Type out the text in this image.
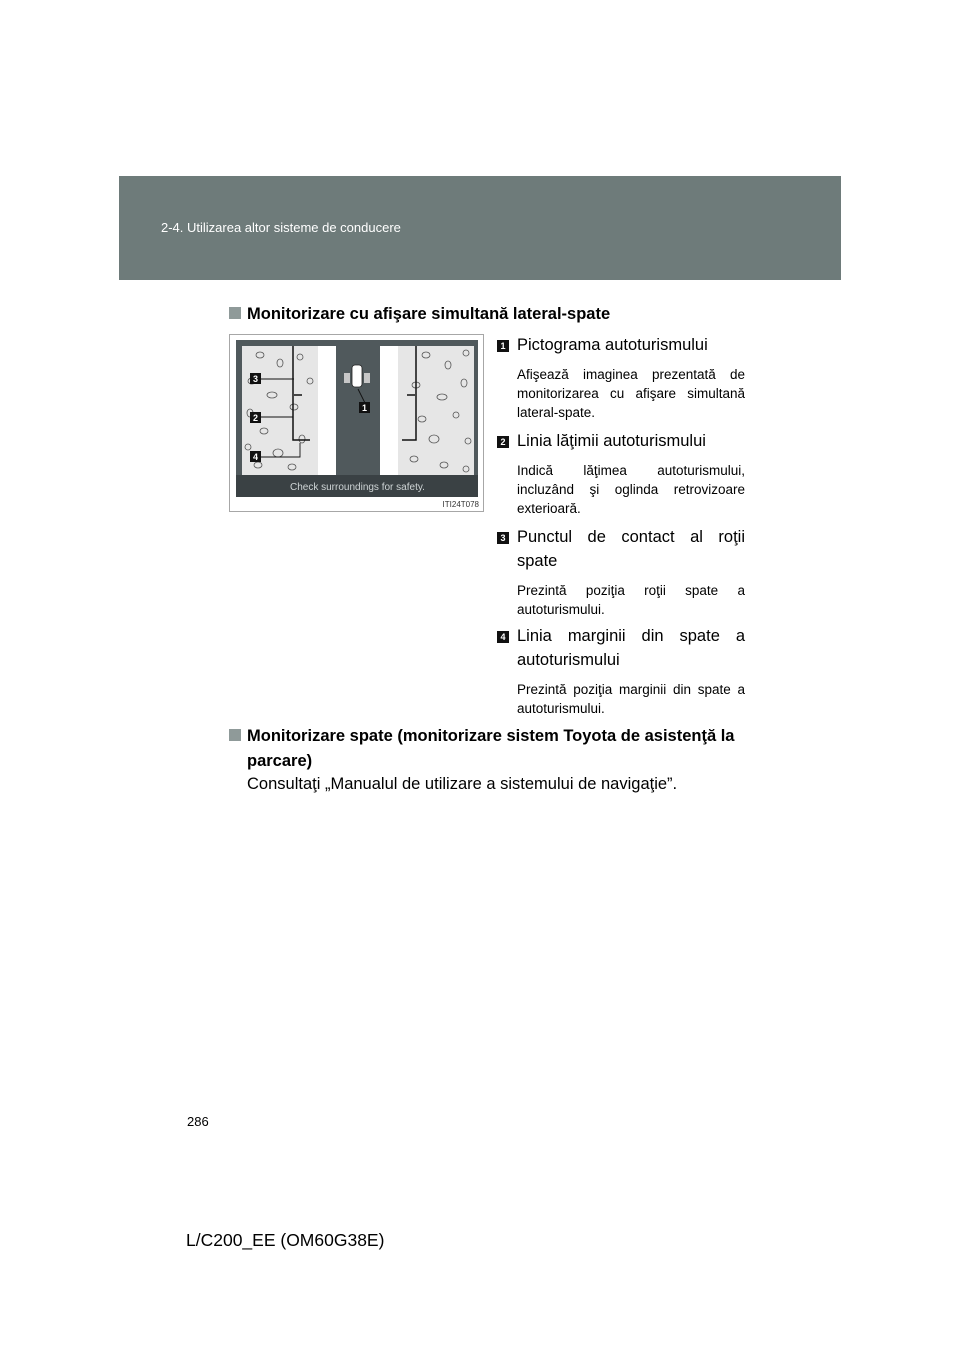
2-4. Utilizarea altor sisteme de conducere
Monitorizare cu afişare simultană lateral-spate
Check surroundings for safety.
3
2
4
1
ITI24T078
1 Pictograma autoturismului
Afişează imaginea prezentată de monitorizarea cu afişare simultană lateral-spate.
2 Linia lăţimii autoturismului
Indică lăţimea autoturismului, incluzând şi oglinda retrovizoare exterioară.
3 Punctul de contact al roţii spate
Prezintă poziţia roţii spate a autoturismului.
4 Linia marginii din spate a autoturismului
Prezintă poziţia marginii din spate a autoturismului.
Monitorizare spate (monitorizare sistem Toyota de asistenţă la
parcare)
Consultaţi „Manualul de utilizare a sistemului de navigaţie”.
286
L/C200_EE (OM60G38E)
